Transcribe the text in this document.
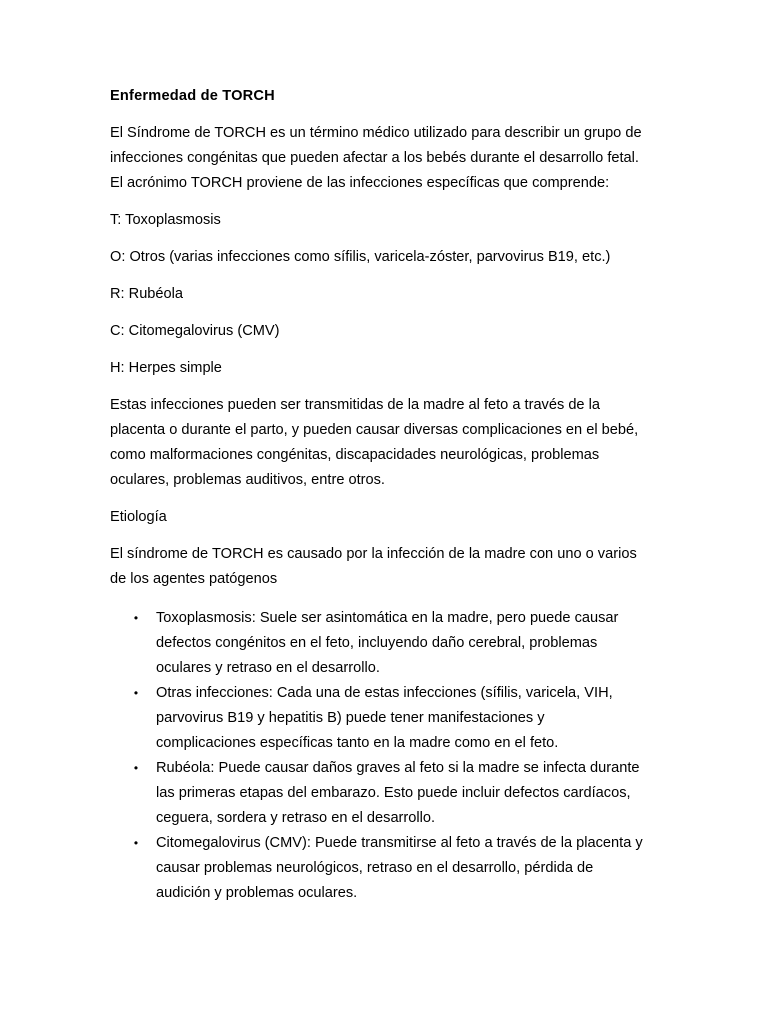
Enfermedad de TORCH

El Síndrome de TORCH es un término médico utilizado para describir un grupo de infecciones congénitas que pueden afectar a los bebés durante el desarrollo fetal. El acrónimo TORCH proviene de las infecciones específicas que comprende:

T: Toxoplasmosis

O: Otros (varias infecciones como sífilis, varicela-zóster, parvovirus B19, etc.)

R: Rubéola

C: Citomegalovirus (CMV)

H: Herpes simple

Estas infecciones pueden ser transmitidas de la madre al feto a través de la placenta o durante el parto, y pueden causar diversas complicaciones en el bebé, como malformaciones congénitas, discapacidades neurológicas, problemas oculares, problemas auditivos, entre otros.

Etiología

El síndrome de TORCH es causado por la infección de la madre con uno o varios de los agentes patógenos

• Toxoplasmosis: Suele ser asintomática en la madre, pero puede causar defectos congénitos en el feto, incluyendo daño cerebral, problemas oculares y retraso en el desarrollo.
• Otras infecciones: Cada una de estas infecciones (sífilis, varicela, VIH, parvovirus B19 y hepatitis B) puede tener manifestaciones y complicaciones específicas tanto en la madre como en el feto.
• Rubéola: Puede causar daños graves al feto si la madre se infecta durante las primeras etapas del embarazo. Esto puede incluir defectos cardíacos, ceguera, sordera y retraso en el desarrollo.
• Citomegalovirus (CMV): Puede transmitirse al feto a través de la placenta y causar problemas neurológicos, retraso en el desarrollo, pérdida de audición y problemas oculares.
